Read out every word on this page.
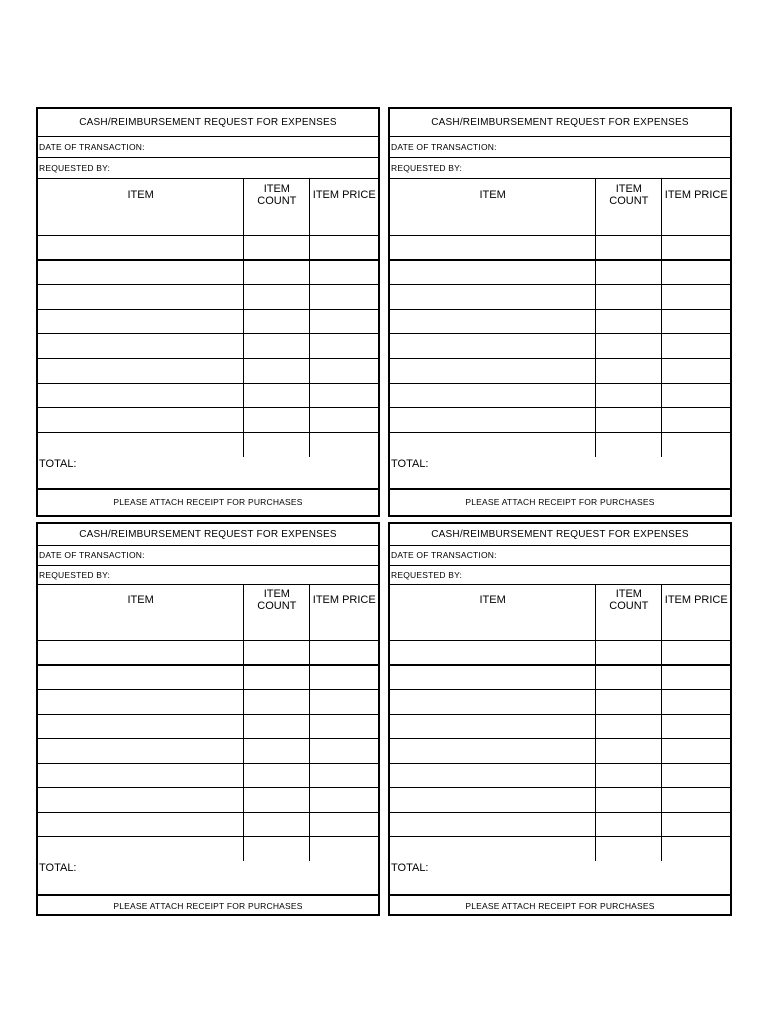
CASH/REIMBURSEMENT REQUEST FOR EXPENSES		
DATE OF TRANSACTION:		
REQUESTED BY:		
ITEM	ITEM COUNT	ITEM PRICE

TOTAL:		
PLEASE ATTACH RECEIPT FOR PURCHASES		
CASH/REIMBURSEMENT REQUEST FOR EXPENSES		
DATE OF TRANSACTION:		
REQUESTED BY:		
ITEM	ITEM COUNT	ITEM PRICE

TOTAL:		
PLEASE ATTACH RECEIPT FOR PURCHASES		
CASH/REIMBURSEMENT REQUEST FOR EXPENSES		
DATE OF TRANSACTION:		
REQUESTED BY:		
ITEM	ITEM COUNT	ITEM PRICE

TOTAL:		
PLEASE ATTACH RECEIPT FOR PURCHASES		
CASH/REIMBURSEMENT REQUEST FOR EXPENSES		
DATE OF TRANSACTION:		
REQUESTED BY:		
ITEM	ITEM COUNT	ITEM PRICE

TOTAL:		
PLEASE ATTACH RECEIPT FOR PURCHASES		
